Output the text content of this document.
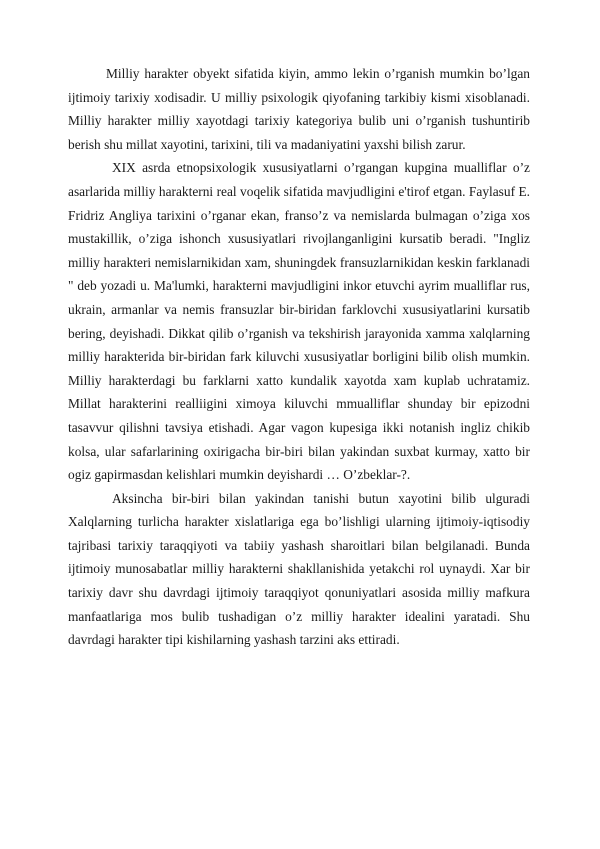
Milliy harakter obyekt sifatida kiyin, ammo lekin o’rganish mumkin bo’lgan ijtimoiy tarixiy xodisadir. U milliy psixologik qiyofaning tarkibiy kismi xisoblanadi. Milliy harakter milliy xayotdagi tarixiy kategoriya bulib uni o’rganish tushuntirib berish shu millat xayotini, tarixini, tili va madaniyatini yaxshi bilish zarur.

XIX asrda etnopsixologik xususiyatlarni o’rgangan kupgina mualliflar o’z asarlarida milliy harakterni real voqelik sifatida mavjudligini e'tirof etgan. Faylasuf E. Fridriz Angliya tarixini o’rganar ekan, franso’z va nemislarda bulmagan o’ziga xos mustakillik, o’ziga ishonch xususiyatlari rivojlanganligini kursatib beradi. "Ingliz milliy harakteri nemislarnikidan xam, shuningdek fransuzlarnikidan keskin farklanadi " deb yozadi u. Ma'lumki, harakterni mavjudligini inkor etuvchi ayrim mualliflar rus, ukrain, armanlar va nemis fransuzlar bir-biridan farklovchi xususiyatlarini kursatib bering, deyishadi. Dikkat qilib o’rganish va tekshirish jarayonida xamma xalqlarning milliy harakterida bir-biridan fark kiluvchi xususiyatlar borligini bilib olish mumkin. Milliy harakterdagi bu farklarni xatto kundalik xayotda xam kuplab uchratamiz. Millat harakterini realliigini ximoya kiluvchi mmualliflar shunday bir epizodni tasavvur qilishni tavsiya etishadi. Agar vagon kupesiga ikki notanish ingliz chikib kolsa, ular safarlarining oxirigacha bir-biri bilan yakindan suxbat kurmay, xatto bir ogiz gapirmasdan kelishlari mumkin deyishardi … O’zbeklar-?.

Aksincha bir-biri bilan yakindan tanishi butun xayotini bilib ulguradi Xalqlarning turlicha harakter xislatlariga ega bo’lishligi ularning ijtimoiy-iqtisodiy tajribasi tarixiy taraqqiyoti va tabiiy yashash sharoitlari bilan belgilanadi. Bunda ijtimoiy munosabatlar milliy harakterni shakllanishida yetakchi rol uynaydi. Xar bir tarixiy davr shu davrdagi ijtimoiy taraqqiyot qonuniyatlari asosida milliy mafkura manfaatlariga mos bulib tushadigan o’z milliy harakter idealini yaratadi. Shu davrdagi harakter tipi kishilarning yashash tarzini aks ettiradi.
